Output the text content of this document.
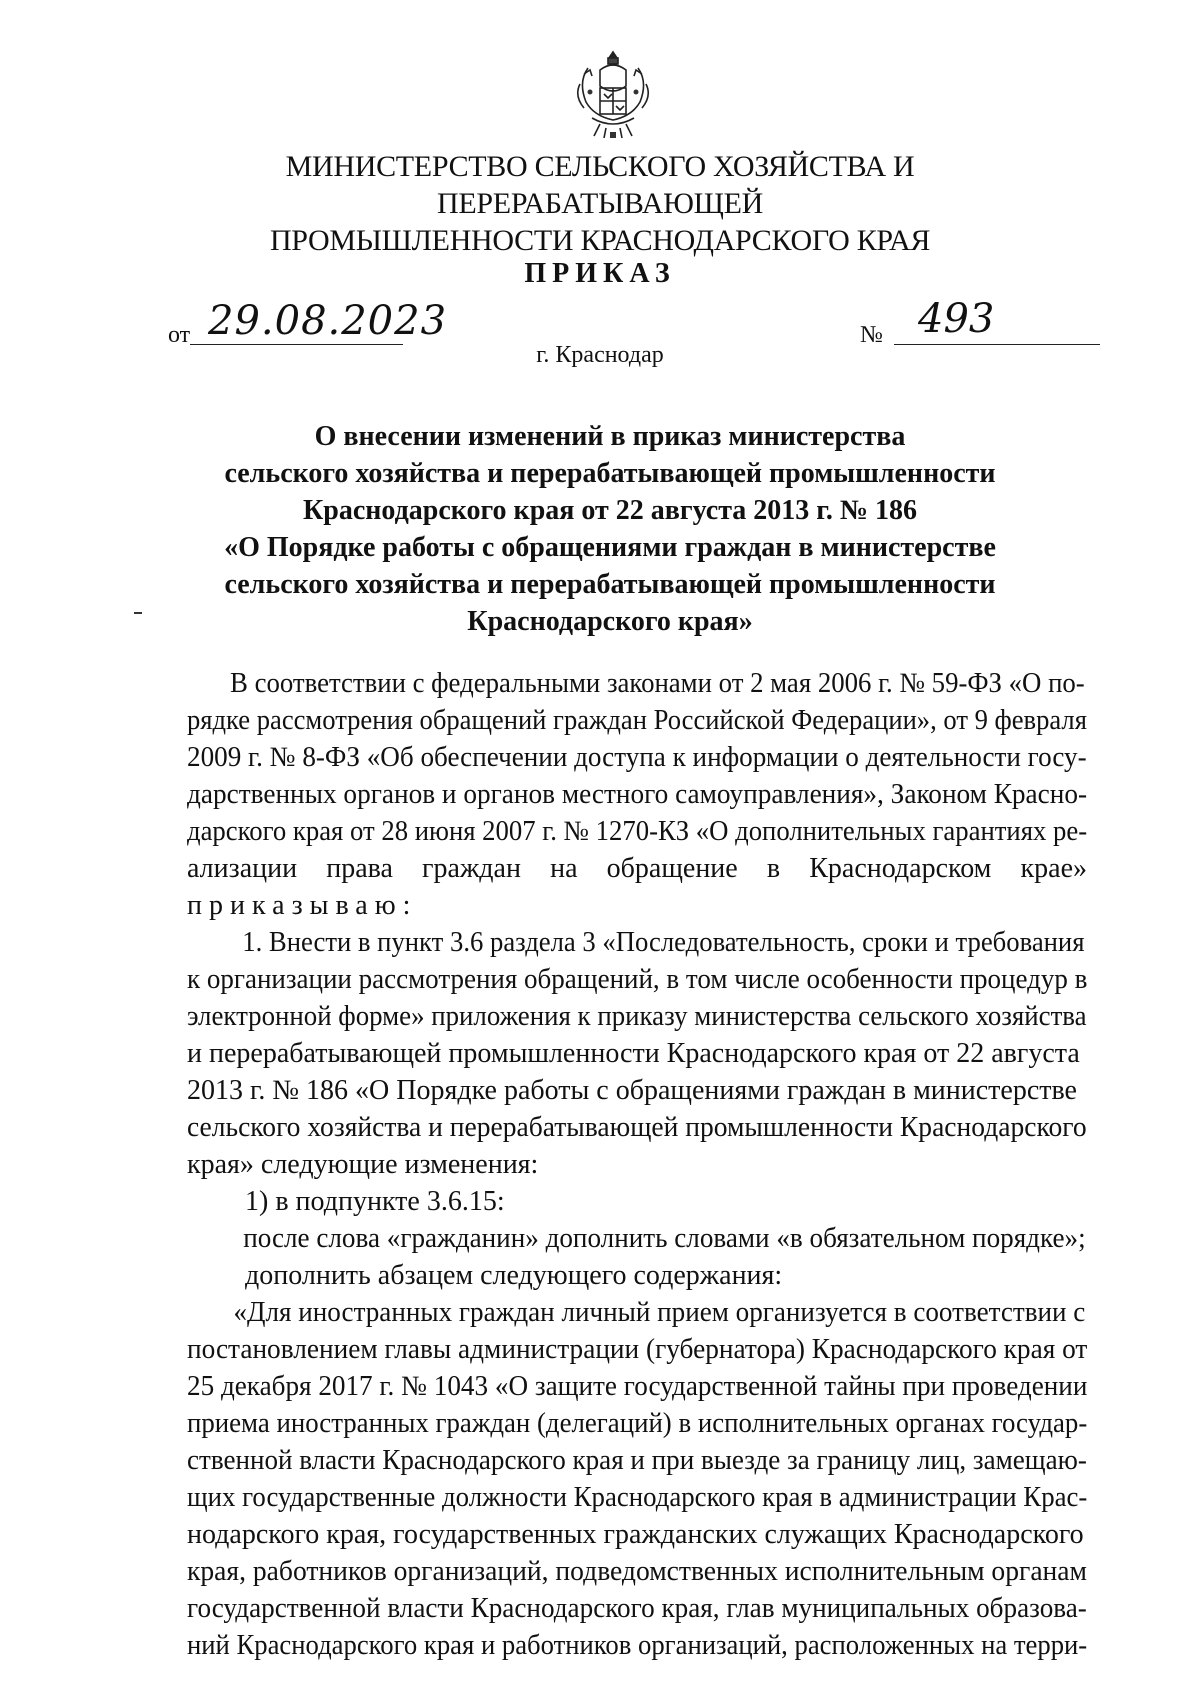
МИНИСТЕРСТВО СЕЛЬСКОГО ХОЗЯЙСТВА И ПЕРЕРАБАТЫВАЮЩЕЙ
ПРОМЫШЛЕННОСТИ КРАСНОДАРСКОГО КРАЯ
ПРИКАЗ
от 29.08.2023	№ 493
г. Краснодар
О внесении изменений в приказ министерства
сельского хозяйства и перерабатывающей промышленности
Краснодарского края от 22 августа 2013 г. № 186
«О Порядке работы с обращениями граждан в министерстве
сельского хозяйства и перерабатывающей промышленности
Краснодарского края»
В соответствии с федеральными законами от 2 мая 2006 г. № 59-ФЗ «О по-
рядке рассмотрения обращений граждан Российской Федерации», от 9 февраля
2009 г. № 8-ФЗ «Об обеспечении доступа к информации о деятельности госу-
дарственных органов и органов местного самоуправления», Законом Красно-
дарского края от 28 июня 2007 г. № 1270-КЗ «О дополнительных гарантиях ре-
ализации права граждан на обращение в Краснодарском крае»
приказываю:
1. Внести в пункт 3.6 раздела 3 «Последовательность, сроки и требования
к организации рассмотрения обращений, в том числе особенности процедур в
электронной форме» приложения к приказу министерства сельского хозяйства
и перерабатывающей промышленности Краснодарского края от 22 августа
2013 г. № 186 «О Порядке работы с обращениями граждан в министерстве
сельского хозяйства и перерабатывающей промышленности Краснодарского
края» следующие изменения:
1) в подпункте 3.6.15:
после слова «гражданин» дополнить словами «в обязательном порядке»;
дополнить абзацем следующего содержания:
«Для иностранных граждан личный прием организуется в соответствии с
постановлением главы администрации (губернатора) Краснодарского края от
25 декабря 2017 г. № 1043 «О защите государственной тайны при проведении
приема иностранных граждан (делегаций) в исполнительных органах государ-
ственной власти Краснодарского края и при выезде за границу лиц, замещаю-
щих государственные должности Краснодарского края в администрации Крас-
нодарского края, государственных гражданских служащих Краснодарского
края, работников организаций, подведомственных исполнительным органам
государственной власти Краснодарского края, глав муниципальных образова-
ний Краснодарского края и работников организаций, расположенных на терри-
